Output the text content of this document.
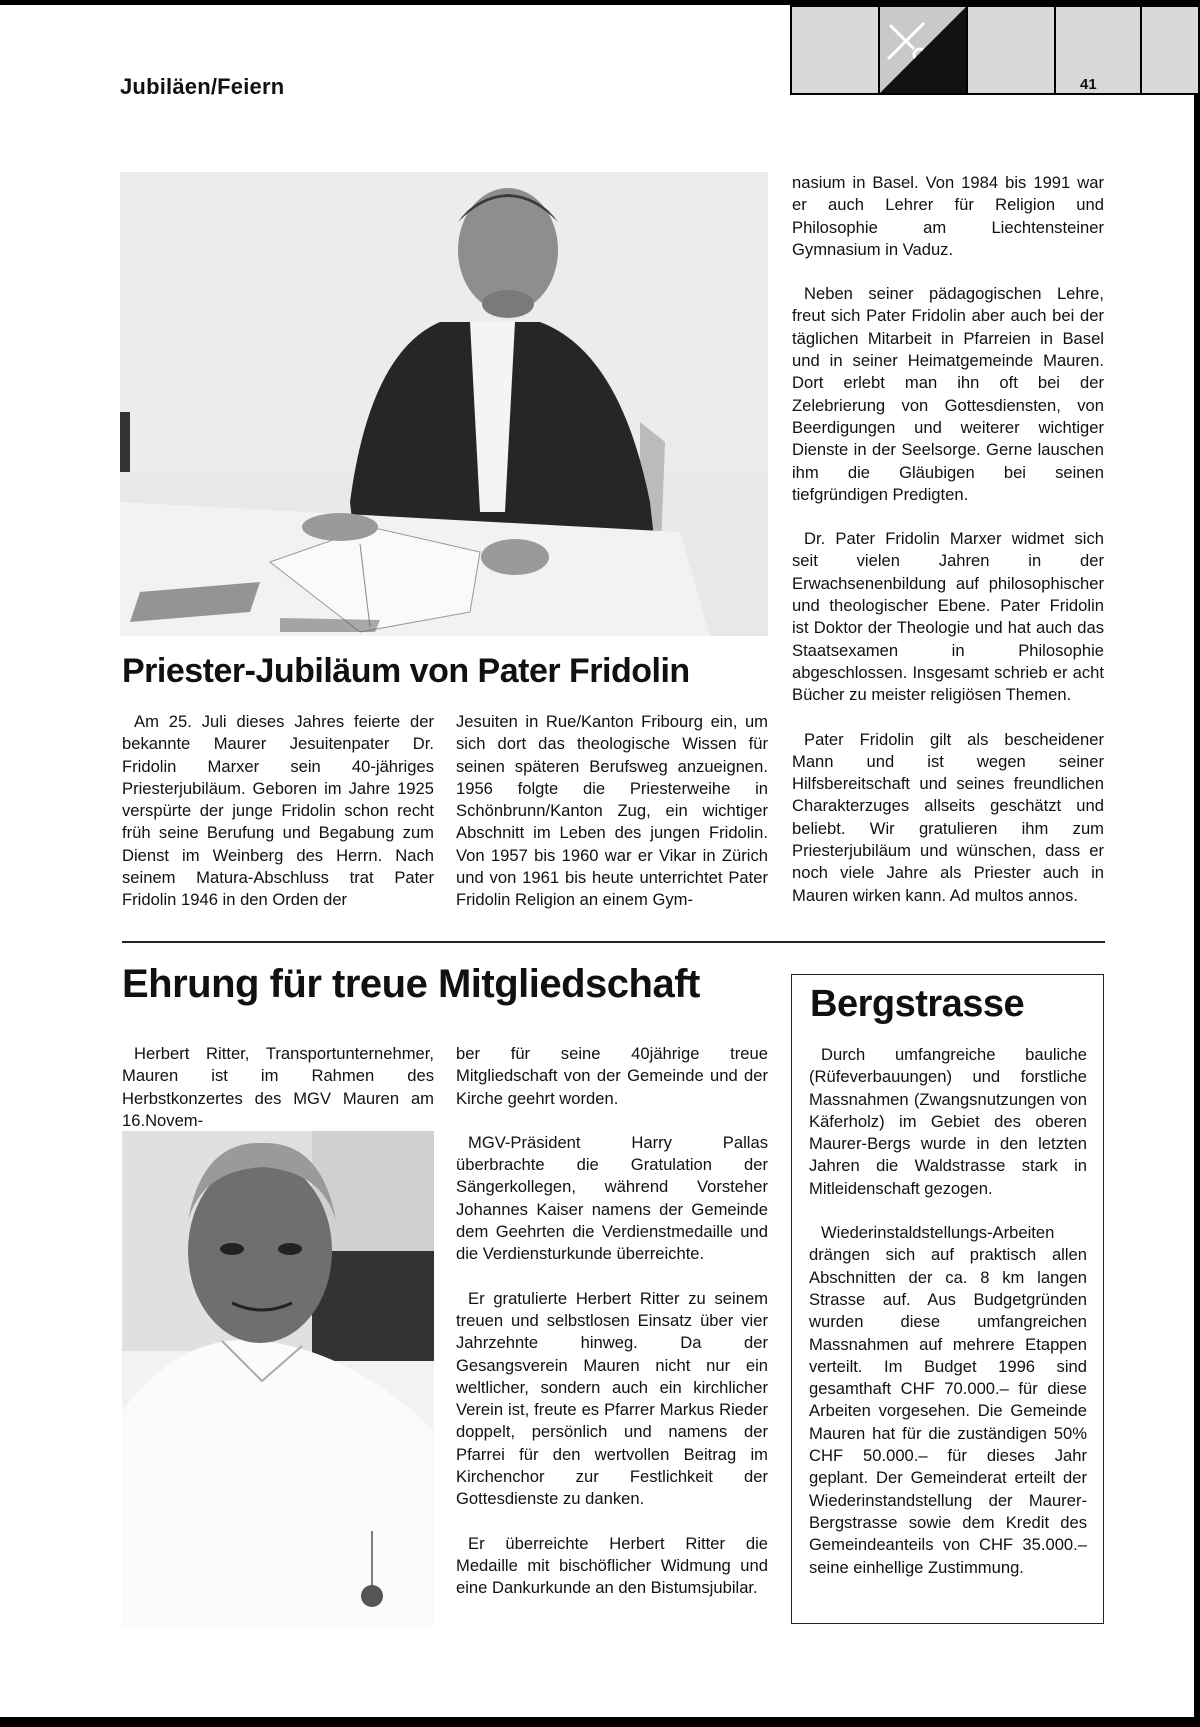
Jubiläen/Feiern	41
Priester-Jubiläum von Pater Fridolin

Am 25. Juli dieses Jahres feierte der bekannte Maurer Jesuitenpater Dr. Fridolin Marxer sein 40-jähriges Priesterjubiläum. Geboren im Jahre 1925 verspürte der junge Fridolin schon recht früh seine Berufung und Begabung zum Dienst im Weinberg des Herrn. Nach seinem Matura-Abschluss trat Pater Fridolin 1946 in den Orden der

Jesuiten in Rue/Kanton Fribourg ein, um sich dort das theologische Wissen für seinen späteren Berufsweg anzueignen. 1956 folgte die Priesterweihe in Schönbrunn/Kanton Zug, ein wichtiger Abschnitt im Leben des jungen Fridolin. Von 1957 bis 1960 war er Vikar in Zürich und von 1961 bis heute unterrichtet Pater Fridolin Religion an einem Gym-

nasium in Basel. Von 1984 bis 1991 war er auch Lehrer für Religion und Philosophie am Liechtensteiner Gymnasium in Vaduz.

Neben seiner pädagogischen Lehre, freut sich Pater Fridolin aber auch bei der täglichen Mitarbeit in Pfarreien in Basel und in seiner Heimatgemeinde Mauren. Dort erlebt man ihn oft bei der Zelebrierung von Gottesdiensten, von Beerdigungen und weiterer wichtiger Dienste in der Seelsorge. Gerne lauschen ihm die Gläubigen bei seinen tiefgründigen Predigten.

Dr. Pater Fridolin Marxer widmet sich seit vielen Jahren in der Erwachsenenbildung auf philosophischer und theologischer Ebene. Pater Fridolin ist Doktor der Theologie und hat auch das Staatsexamen in Philosophie abgeschlossen. Insgesamt schrieb er acht Bücher zu meister religiösen Themen.

Pater Fridolin gilt als bescheidener Mann und ist wegen seiner Hilfsbereitschaft und seines freundlichen Charakterzuges allseits geschätzt und beliebt. Wir gratulieren ihm zum Priesterjubiläum und wünschen, dass er noch viele Jahre als Priester auch in Mauren wirken kann. Ad multos annos.

Ehrung für treue Mitgliedschaft

Herbert Ritter, Transportunternehmer, Mauren ist im Rahmen des Herbstkonzertes des MGV Mauren am 16.Novem-

ber für seine 40jährige treue Mitgliedschaft von der Gemeinde und der Kirche geehrt worden.

MGV-Präsident Harry Pallas überbrachte die Gratulation der Sängerkollegen, während Vorsteher Johannes Kaiser namens der Gemeinde dem Geehrten die Verdienstmedaille und die Verdiensturkunde überreichte.

Er gratulierte Herbert Ritter zu seinem treuen und selbstlosen Einsatz über vier Jahrzehnte hinweg. Da der Gesangsverein Mauren nicht nur ein weltlicher, sondern auch ein kirchlicher Verein ist, freute es Pfarrer Markus Rieder doppelt, persönlich und namens der Pfarrei für den wertvollen Beitrag im Kirchenchor zur Festlichkeit der Gottesdienste zu danken.

Er überreichte Herbert Ritter die Medaille mit bischöflicher Widmung und eine Dankurkunde an den Bistumsjubilar.

Bergstrasse

Durch umfangreiche bauliche (Rüfeverbauungen) und forstliche Massnahmen (Zwangsnutzungen von Käferholz) im Gebiet des oberen Maurer-Bergs wurde in den letzten Jahren die Waldstrasse stark in Mitleidenschaft gezogen.

Wiederinstaldstellungs-Arbeiten drängen sich auf praktisch allen Abschnitten der ca. 8 km langen Strasse auf. Aus Budgetgründen wurden diese umfangreichen Massnahmen auf mehrere Etappen verteilt. Im Budget 1996 sind gesamthaft CHF 70.000.– für diese Arbeiten vorgesehen. Die Gemeinde Mauren hat für die zuständigen 50% CHF 50.000.– für dieses Jahr geplant. Der Gemeinderat erteilt der Wiederinstandstellung der Maurer-Bergstrasse sowie dem Kredit des Gemeindeanteils von CHF 35.000.– seine einhellige Zustimmung.
